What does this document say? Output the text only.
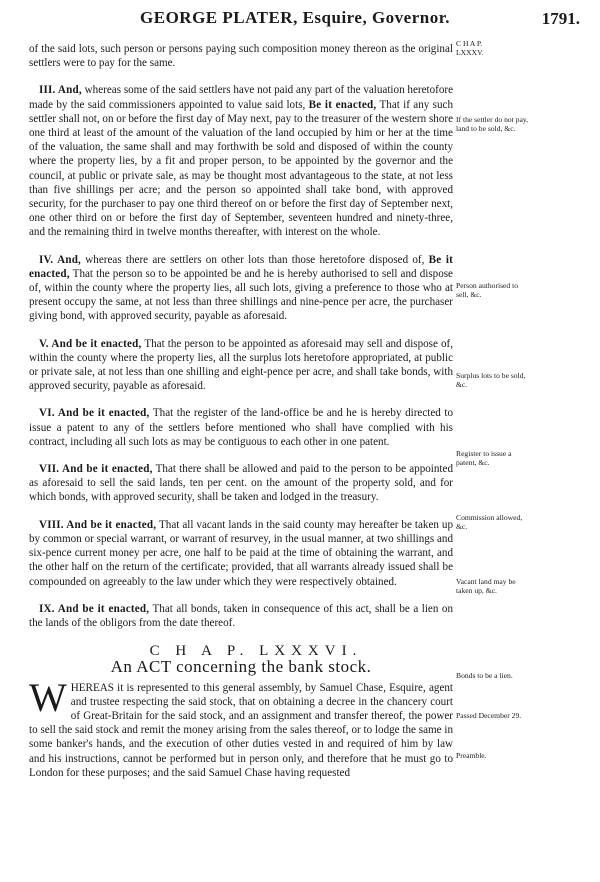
GEORGE PLATER, Esquire, Governor.	1791.
C H A P.
LXXXV.
If the settler do not pay, land to be sold, &c.
Person authorised to sell, &c.
Surplus lots to be sold, &c.
Register to issue a patent, &c.
Commission allowed, &c.
Vacant land may be taken up, &c.
Bonds to be a lien.
Passed December 29.
Preamble.

of the said lots, such person or persons paying such composition money thereon as the original settlers were to pay for the same.

III. And, whereas some of the said settlers have not paid any part of the valuation heretofore made by the said commissioners appointed to value said lots, Be it enacted, That if any such settler shall not, on or before the first day of May next, pay to the treasurer of the western shore one third at least of the amount of the valuation of the land occupied by him or her at the time of the valuation, the same shall and may forthwith be sold and disposed of within the county where the property lies, by a fit and proper person, to be appointed by the governor and the council, at public or private sale, as may be thought most advantageous to the state, at not less than five shillings per acre; and the person so appointed shall take bond, with approved security, for the purchaser to pay one third thereof on or before the first day of September next, one other third on or before the first day of September, seventeen hundred and ninety-three, and the remaining third in twelve months thereafter, with interest on the whole.

IV. And, whereas there are settlers on other lots than those heretofore disposed of, Be it enacted, That the person so to be appointed be and he is hereby authorised to sell and dispose of, within the county where the property lies, all such lots, giving a preference to those who at present occupy the same, at not less than three shillings and nine-pence per acre, the purchaser giving bond, with approved security, payable as aforesaid.

V. And be it enacted, That the person to be appointed as aforesaid may sell and dispose of, within the county where the property lies, all the surplus lots heretofore appropriated, at public or private sale, at not less than one shilling and eight-pence per acre, and shall take bonds, with approved security, payable as aforesaid.

VI. And be it enacted, That the register of the land-office be and he is hereby directed to issue a patent to any of the settlers before mentioned who shall have complied with his contract, including all such lots as may be contiguous to each other in one patent.

VII. And be it enacted, That there shall be allowed and paid to the person to be appointed as aforesaid to sell the said lands, ten per cent. on the amount of the property sold, and for which bonds, with approved security, shall be taken and lodged in the treasury.

VIII. And be it enacted, That all vacant lands in the said county may hereafter be taken up by common or special warrant, or warrant of resurvey, in the usual manner, at two shillings and six-pence current money per acre, one half to be paid at the time of obtaining the warrant, and the other half on the return of the certificate; provided, that all warrants already issued shall be compounded on agreeably to the law under which they were respectively obtained.

IX. And be it enacted, That all bonds, taken in consequence of this act, shall be a lien on the lands of the obligors from the date thereof.

C H A P. LXXXVI.
An ACT concerning the bank stock.

WHEREAS it is represented to this general assembly, by Samuel Chase, Esquire, agent and trustee respecting the said stock, that on obtaining a decree in the chancery court of Great-Britain for the said stock, and an assignment and transfer thereof, the power to sell the said stock and remit the money arising from the sales thereof, or to lodge the same in some banker's hands, and the execution of other duties vested in and required of him by law and his instructions, cannot be performed but in person only, and therefore that he must go to London for these purposes; and the said Samuel Chase having requested
